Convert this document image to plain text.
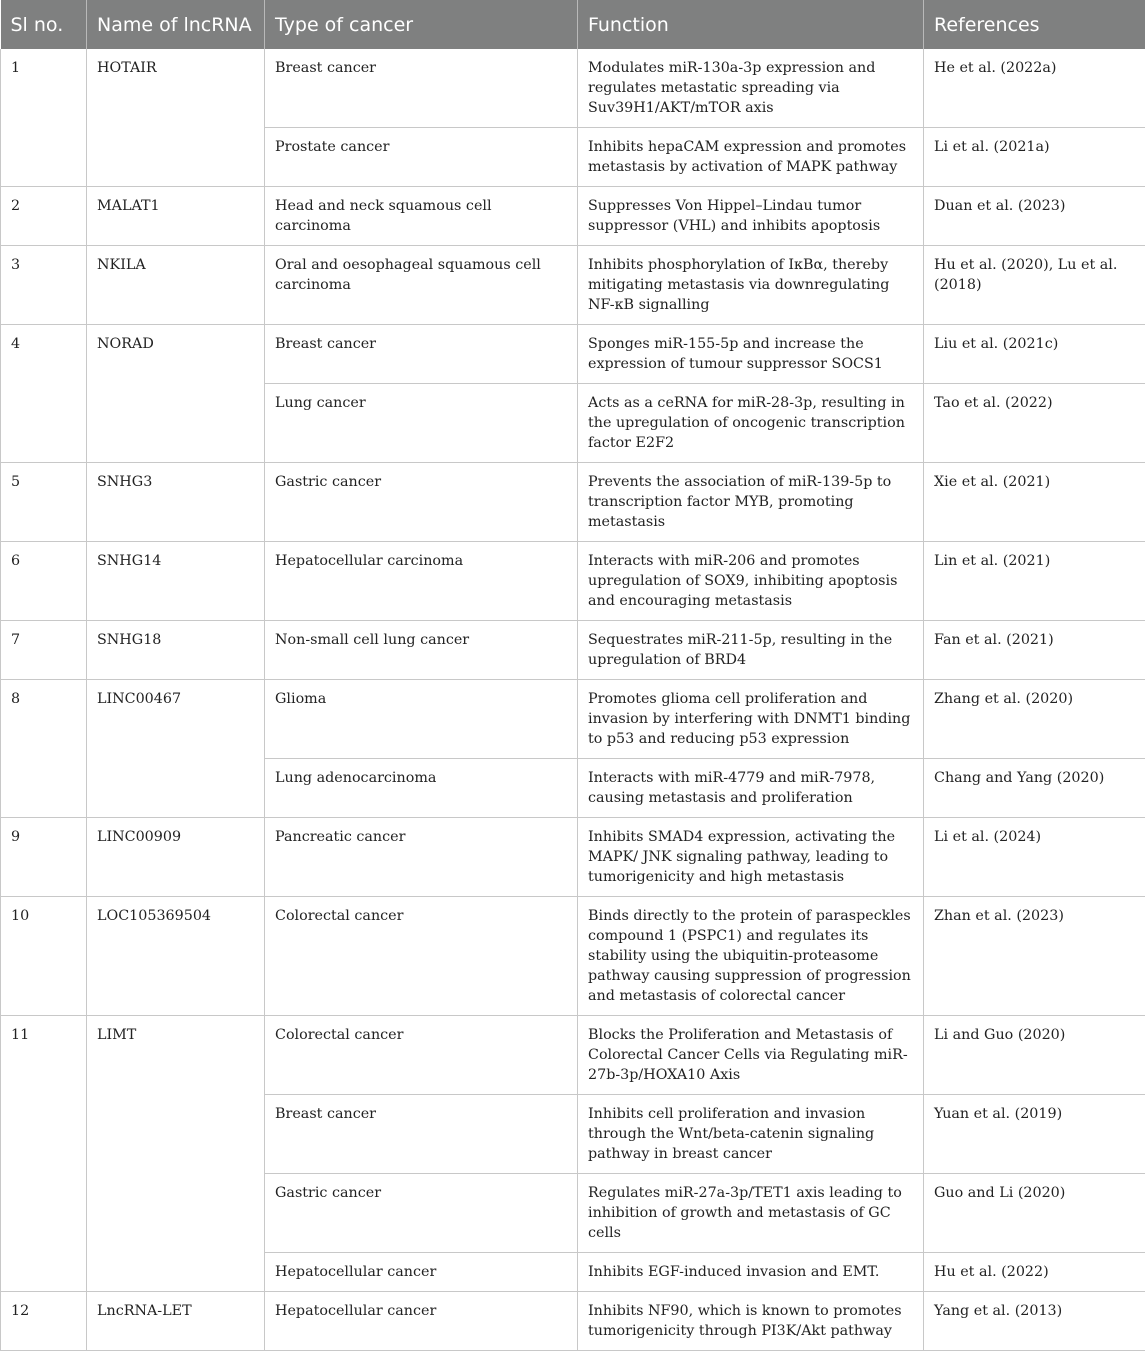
Sl no.	Name of lncRNA	Type of cancer	Function	References
1	HOTAIR	Breast cancer	Modulates miR-130a-3p expression and regulates metastatic spreading via Suv39H1/AKT/mTOR axis	He et al. (2022a)
		Prostate cancer	Inhibits hepaCAM expression and promotes metastasis by activation of MAPK pathway	Li et al. (2021a)
2	MALAT1	Head and neck squamous cell carcinoma	Suppresses Von Hippel–Lindau tumor suppressor (VHL) and inhibits apoptosis	Duan et al. (2023)
3	NKILA	Oral and oesophageal squamous cell carcinoma	Inhibits phosphorylation of IκBα, thereby mitigating metastasis via downregulating NF-κB signalling	Hu et al. (2020), Lu et al. (2018)
4	NORAD	Breast cancer	Sponges miR-155-5p and increase the expression of tumour suppressor SOCS1	Liu et al. (2021c)
		Lung cancer	Acts as a ceRNA for miR-28-3p, resulting in the upregulation of oncogenic transcription factor E2F2	Tao et al. (2022)
5	SNHG3	Gastric cancer	Prevents the association of miR-139-5p to transcription factor MYB, promoting metastasis	Xie et al. (2021)
6	SNHG14	Hepatocellular carcinoma	Interacts with miR-206 and promotes upregulation of SOX9, inhibiting apoptosis and encouraging metastasis	Lin et al. (2021)
7	SNHG18	Non-small cell lung cancer	Sequestrates miR-211-5p, resulting in the upregulation of BRD4	Fan et al. (2021)
8	LINC00467	Glioma	Promotes glioma cell proliferation and invasion by interfering with DNMT1 binding to p53 and reducing p53 expression	Zhang et al. (2020)
		Lung adenocarcinoma	Interacts with miR-4779 and miR-7978, causing metastasis and proliferation	Chang and Yang (2020)
9	LINC00909	Pancreatic cancer	Inhibits SMAD4 expression, activating the MAPK/ JNK signaling pathway, leading to tumorigenicity and high metastasis	Li et al. (2024)
10	LOC105369504	Colorectal cancer	Binds directly to the protein of paraspeckles compound 1 (PSPC1) and regulates its stability using the ubiquitin-proteasome pathway causing suppression of progression and metastasis of colorectal cancer	Zhan et al. (2023)
11	LIMT	Colorectal cancer	Blocks the Proliferation and Metastasis of Colorectal Cancer Cells via Regulating miR-27b-3p/HOXA10 Axis	Li and Guo (2020)
		Breast cancer	Inhibits cell proliferation and invasion through the Wnt/beta-catenin signaling pathway in breast cancer	Yuan et al. (2019)
		Gastric cancer	Regulates miR-27a-3p/TET1 axis leading to inhibition of growth and metastasis of GC cells	Guo and Li (2020)
		Hepatocellular cancer	Inhibits EGF-induced invasion and EMT.	Hu et al. (2022)
12	LncRNA-LET	Hepatocellular cancer	Inhibits NF90, which is known to promotes tumorigenicity through PI3K/Akt pathway	Yang et al. (2013)
